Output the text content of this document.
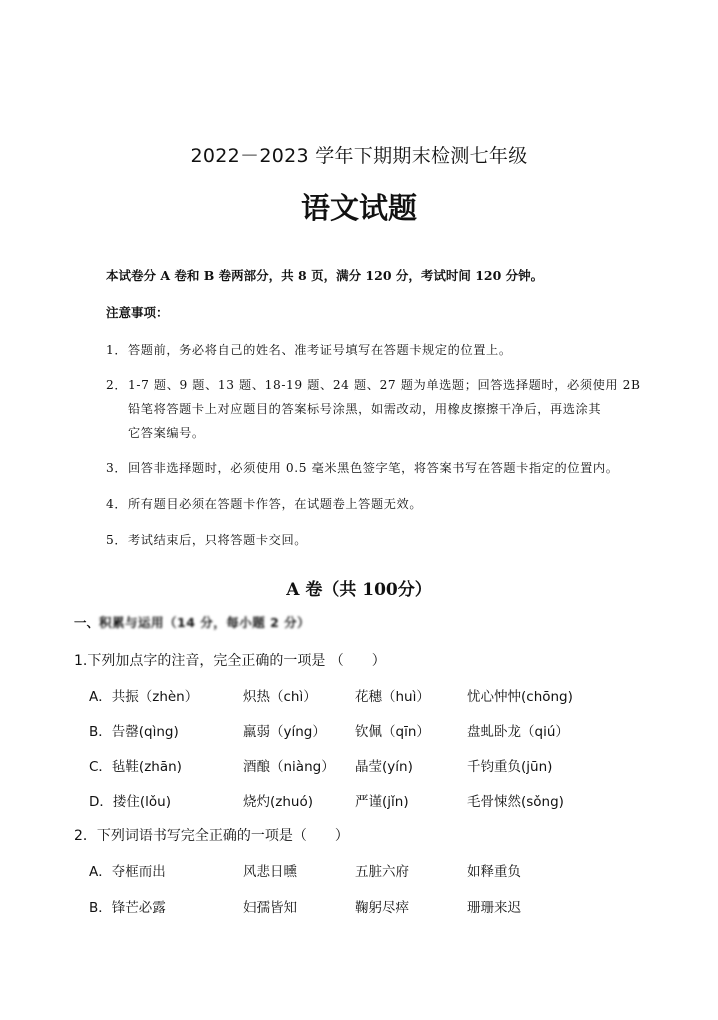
2022－2023 学年下期期末检测七年级
语文试题
本试卷分 A 卷和 B 卷两部分，共 8 页，满分 120 分，考试时间 120 分钟。
注意事项：
1．答题前，务必将自己的姓名、准考证号填写在答题卡规定的位置上。
2．1-7 题、9 题、13 题、18-19 题、24 题、27 题为单选题；回答选择题时，必须使用 2B
铅笔将答题卡上对应题目的答案标号涂黑，如需改动，用橡皮擦擦干净后，再选涂其
它答案编号。
3．回答非选择题时，必须使用 0.5 毫米黑色签字笔，将答案书写在答题卡指定的位置内。
4．所有题目必须在答题卡作答，在试题卷上答题无效。
5．考试结束后，只将答题卡交回。
A 卷（共 100分）
一、积累与运用（14 分，每小题 2 分）
1.下列加点字的注音，完全正确的一项是 （　　）
A．共振（zhèn）	炽热（chì）	花穗（huì）	忧心忡忡(chōng)
B．告罄(qìng)	羸弱（yíng） 钦佩（qīn）	盘虬卧龙（qiú）
C．毡鞋(zhān)	酒酿（niàng） 晶莹(yín)	千钧重负(jūn)
D．搂住(lǒu)	烧灼(zhuó)	严谨(jǐn)	毛骨悚然(sǒng)
2．下列词语书写完全正确的一项是（　　）
A．夺框而出	风悲日曛	五脏六府	如释重负
B．锋芒必露	妇孺皆知	鞠躬尽瘁	珊珊来迟
